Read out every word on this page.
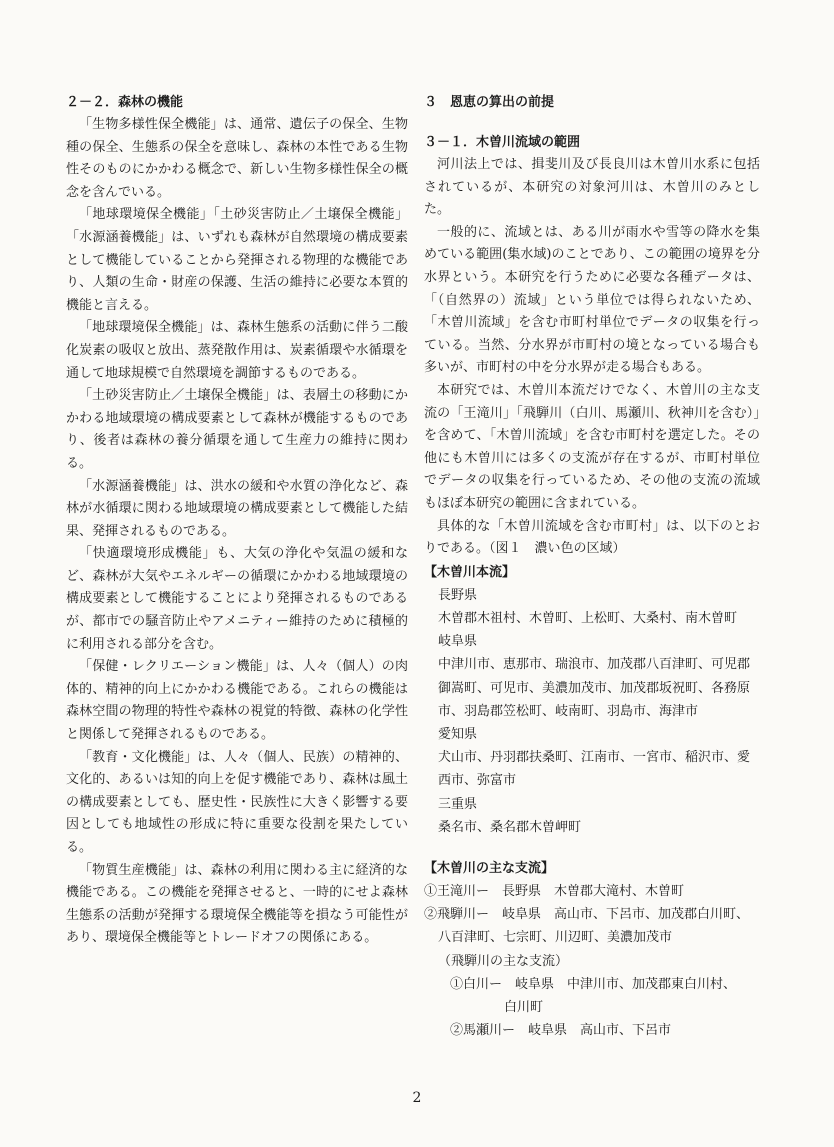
２－２．森林の機能

「生物多様性保全機能」は、通常、遺伝子の保全、生物種の保全、生態系の保全を意味し、森林の本性である生物性そのものにかかわる概念で、新しい生物多様性保全の概念を含んでいる。

「地球環境保全機能」「土砂災害防止／土壌保全機能」「水源涵養機能」は、いずれも森林が自然環境の構成要素として機能していることから発揮される物理的な機能であり、人類の生命・財産の保護、生活の維持に必要な本質的機能と言える。

「地球環境保全機能」は、森林生態系の活動に伴う二酸化炭素の吸収と放出、蒸発散作用は、炭素循環や水循環を通して地球規模で自然環境を調節するものである。

「土砂災害防止／土壌保全機能」は、表層土の移動にかかわる地域環境の構成要素として森林が機能するものであり、後者は森林の養分循環を通して生産力の維持に関わる。

「水源涵養機能」は、洪水の緩和や水質の浄化など、森林が水循環に関わる地域環境の構成要素として機能した結果、発揮されるものである。

「快適環境形成機能」も、大気の浄化や気温の緩和など、森林が大気やエネルギーの循環にかかわる地域環境の構成要素として機能することにより発揮されるものであるが、都市での騒音防止やアメニティー維持のために積極的に利用される部分を含む。

「保健・レクリエーション機能」は、人々（個人）の肉体的、精神的向上にかかわる機能である。これらの機能は森林空間の物理的特性や森林の視覚的特徴、森林の化学性と関係して発揮されるものである。

「教育・文化機能」は、人々（個人、民族）の精神的、文化的、あるいは知的向上を促す機能であり、森林は風土の構成要素としても、歴史性・民族性に大きく影響する要因としても地域性の形成に特に重要な役割を果たしている。

「物質生産機能」は、森林の利用に関わる主に経済的な機能である。この機能を発揮させると、一時的にせよ森林生態系の活動が発揮する環境保全機能等を損なう可能性があり、環境保全機能等とトレードオフの関係にある。

３　恩恵の算出の前提

３－１．木曽川流域の範囲

河川法上では、揖斐川及び長良川は木曽川水系に包括されているが、本研究の対象河川は、木曽川のみとした。

一般的に、流域とは、ある川が雨水や雪等の降水を集めている範囲(集水域)のことであり、この範囲の境界を分水界という。本研究を行うために必要な各種データは、「（自然界の）流域」という単位では得られないため、「木曽川流域」を含む市町村単位でデータの収集を行っている。当然、分水界が市町村の境となっている場合も多いが、市町村の中を分水界が走る場合もある。

本研究では、木曽川本流だけでなく、木曽川の主な支流の「王滝川」「飛騨川（白川、馬瀬川、秋神川を含む）」を含めて、「木曽川流域」を含む市町村を選定した。その他にも木曽川には多くの支流が存在するが、市町村単位でデータの収集を行っているため、その他の支流の流域もほぼ本研究の範囲に含まれている。

具体的な「木曽川流域を含む市町村」は、以下のとおりである。（図１　濃い色の区域）

【木曽川本流】

長野県

木曽郡木祖村、木曽町、上松町、大桑村、南木曽町

岐阜県

中津川市、恵那市、瑞浪市、加茂郡八百津町、可児郡御嵩町、可児市、美濃加茂市、加茂郡坂祝町、各務原市、羽島郡笠松町、岐南町、羽島市、海津市

愛知県

犬山市、丹羽郡扶桑町、江南市、一宮市、稲沢市、愛西市、弥富市

三重県

桑名市、桑名郡木曽岬町

【木曽川の主な支流】

①王滝川ー　長野県　木曽郡大滝村、木曽町

②飛騨川ー　岐阜県　高山市、下呂市、加茂郡白川町、

八百津町、七宗町、川辺町、美濃加茂市

（飛騨川の主な支流）

①白川ー　岐阜県　中津川市、加茂郡東白川村、

白川町

②馬瀬川ー　岐阜県　高山市、下呂市

2
